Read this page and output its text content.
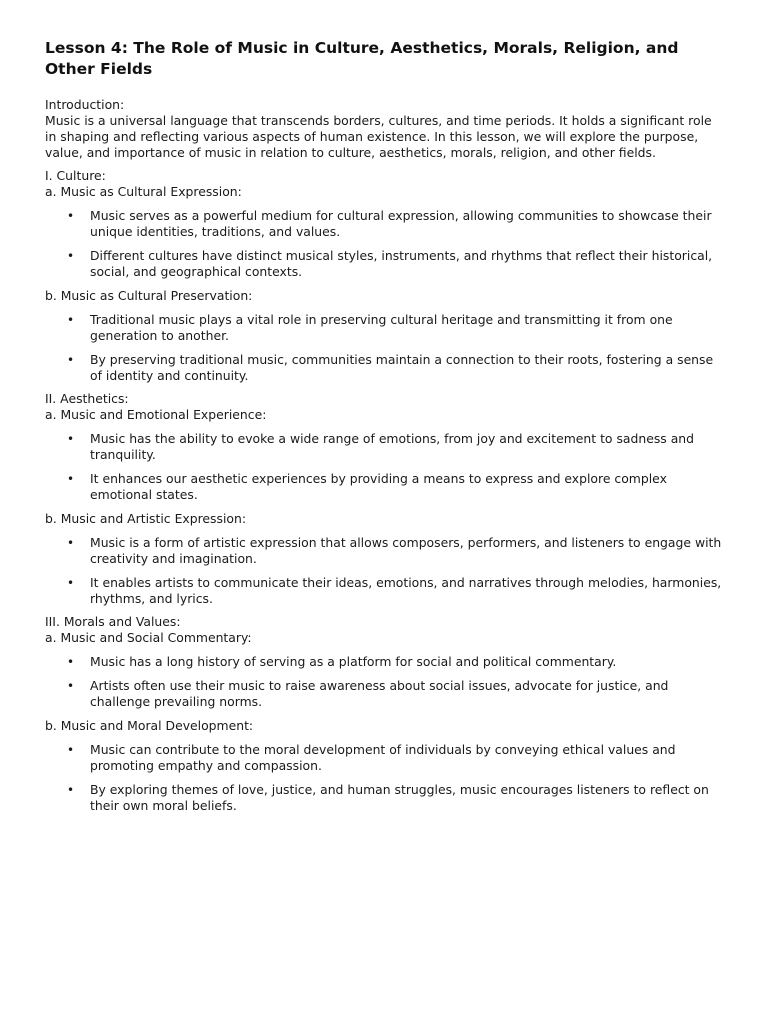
Lesson 4: The Role of Music in Culture, Aesthetics, Morals, Religion, and Other Fields

Introduction:

Music is a universal language that transcends borders, cultures, and time periods. It holds a significant role in shaping and reflecting various aspects of human existence. In this lesson, we will explore the purpose, value, and importance of music in relation to culture, aesthetics, morals, religion, and other fields.

I. Culture:

a. Music as Cultural Expression:

• Music serves as a powerful medium for cultural expression, allowing communities to showcase their unique identities, traditions, and values.
• Different cultures have distinct musical styles, instruments, and rhythms that reflect their historical, social, and geographical contexts.

b. Music as Cultural Preservation:

• Traditional music plays a vital role in preserving cultural heritage and transmitting it from one generation to another.
• By preserving traditional music, communities maintain a connection to their roots, fostering a sense of identity and continuity.

II. Aesthetics:

a. Music and Emotional Experience:

• Music has the ability to evoke a wide range of emotions, from joy and excitement to sadness and tranquility.
• It enhances our aesthetic experiences by providing a means to express and explore complex emotional states.

b. Music and Artistic Expression:

• Music is a form of artistic expression that allows composers, performers, and listeners to engage with creativity and imagination.
• It enables artists to communicate their ideas, emotions, and narratives through melodies, harmonies, rhythms, and lyrics.

III. Morals and Values:

a. Music and Social Commentary:

• Music has a long history of serving as a platform for social and political commentary.
• Artists often use their music to raise awareness about social issues, advocate for justice, and challenge prevailing norms.

b. Music and Moral Development:

• Music can contribute to the moral development of individuals by conveying ethical values and promoting empathy and compassion.
• By exploring themes of love, justice, and human struggles, music encourages listeners to reflect on their own moral beliefs.
